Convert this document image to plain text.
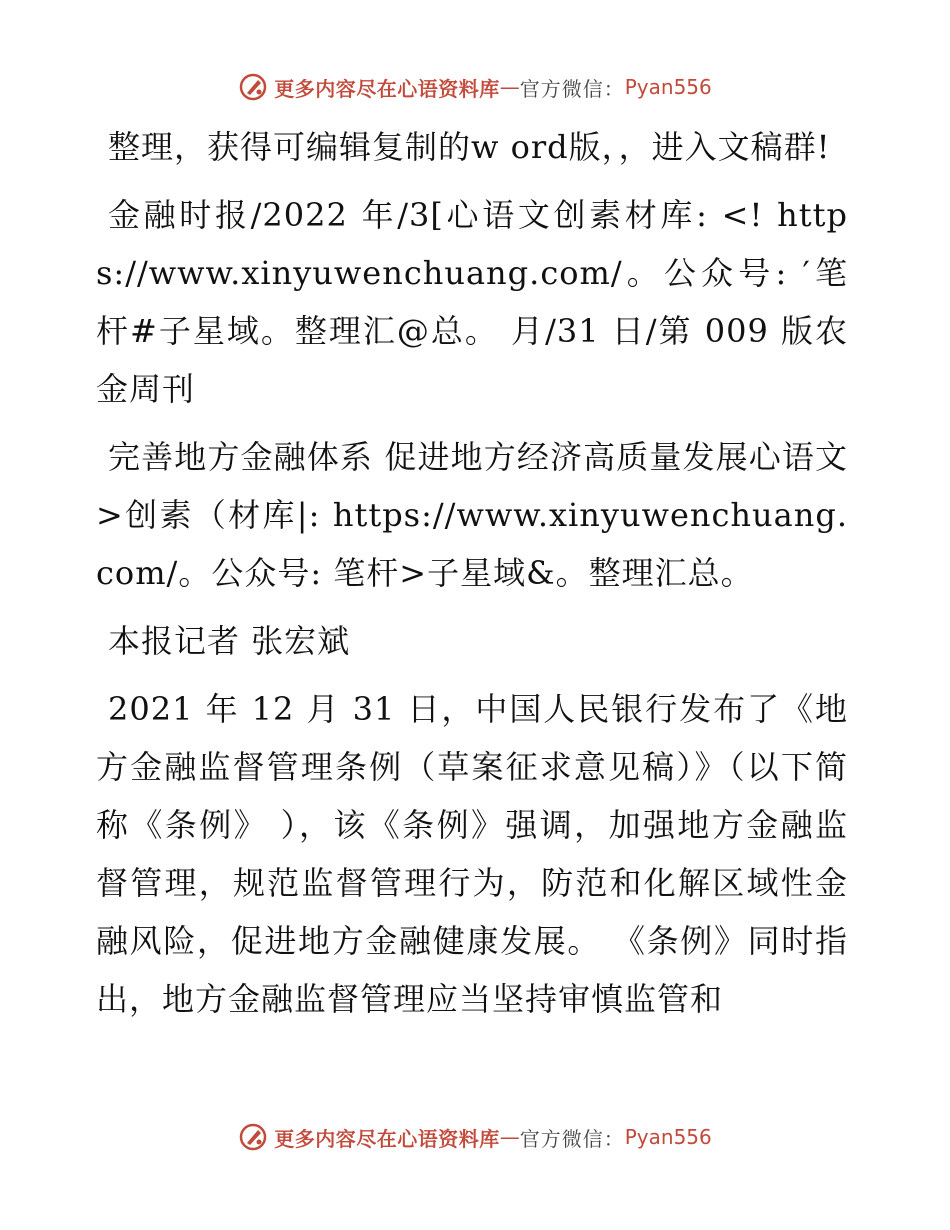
更多内容尽在心语资料库 — 官方微信： Pyan556

整理，获得可编辑复制的w ord版，，进入文稿群!

金融时报/2022 年/3[心语文创素材库: <! https://www.xinyuwenchuang.com/。公众号: ′笔杆#子星域。整理汇@总。 月/31 日/第 009 版农金周刊

完善地方金融体系 促进地方经济高质量发展心语文>创素（材库|: https://www.xinyuwenchuang.com/。公众号: 笔杆>子星域&。整理汇总。

本报记者 张宏斌

2021 年 12 月 31 日，中国人民银行发布了《地方金融监督管理条例（草案征求意见稿）》（以下简称《条例》 ），该《条例》强调，加强地方金融监督管理，规范监督管理行为，防范和化解区域性金融风险，促进地方金融健康发展。 《条例》同时指出，地方金融监督管理应当坚持审慎监管和

更多内容尽在心语资料库 — 官方微信： Pyan556
